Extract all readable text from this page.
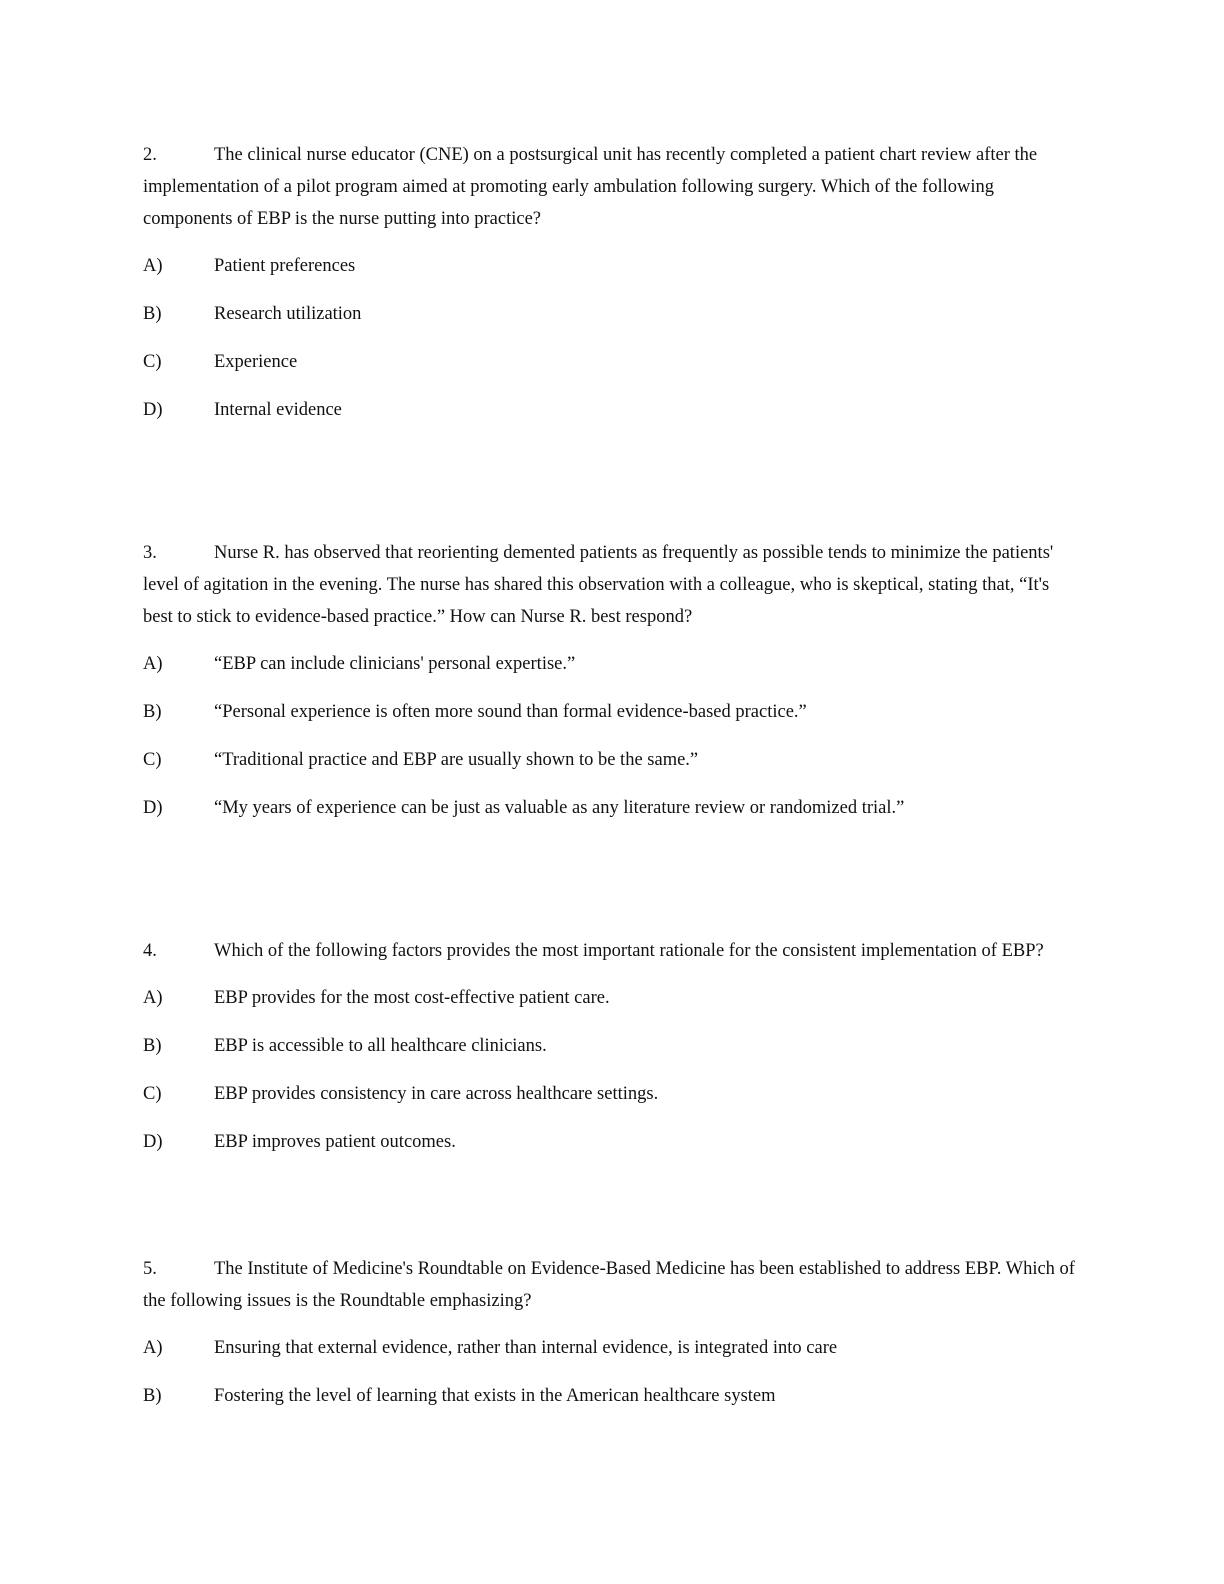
2.	The clinical nurse educator (CNE) on a postsurgical unit has recently completed a patient chart review after the implementation of a pilot program aimed at promoting early ambulation following surgery. Which of the following components of EBP is the nurse putting into practice?

A)	Patient preferences
B)	Research utilization
C)	Experience
D)	Internal evidence

3.	Nurse R. has observed that reorienting demented patients as frequently as possible tends to minimize the patients' level of agitation in the evening. The nurse has shared this observation with a colleague, who is skeptical, stating that, “It's best to stick to evidence-based practice.” How can Nurse R. best respond?

A)	“EBP can include clinicians' personal expertise.”
B)	“Personal experience is often more sound than formal evidence-based practice.”
C)	“Traditional practice and EBP are usually shown to be the same.”
D)	“My years of experience can be just as valuable as any literature review or randomized trial.”

4.	Which of the following factors provides the most important rationale for the consistent implementation of EBP?

A)	EBP provides for the most cost-effective patient care.
B)	EBP is accessible to all healthcare clinicians.
C)	EBP provides consistency in care across healthcare settings.
D)	EBP improves patient outcomes.

5.	The Institute of Medicine's Roundtable on Evidence-Based Medicine has been established to address EBP. Which of the following issues is the Roundtable emphasizing?

A)	Ensuring that external evidence, rather than internal evidence, is integrated into care
B)	Fostering the level of learning that exists in the American healthcare system
